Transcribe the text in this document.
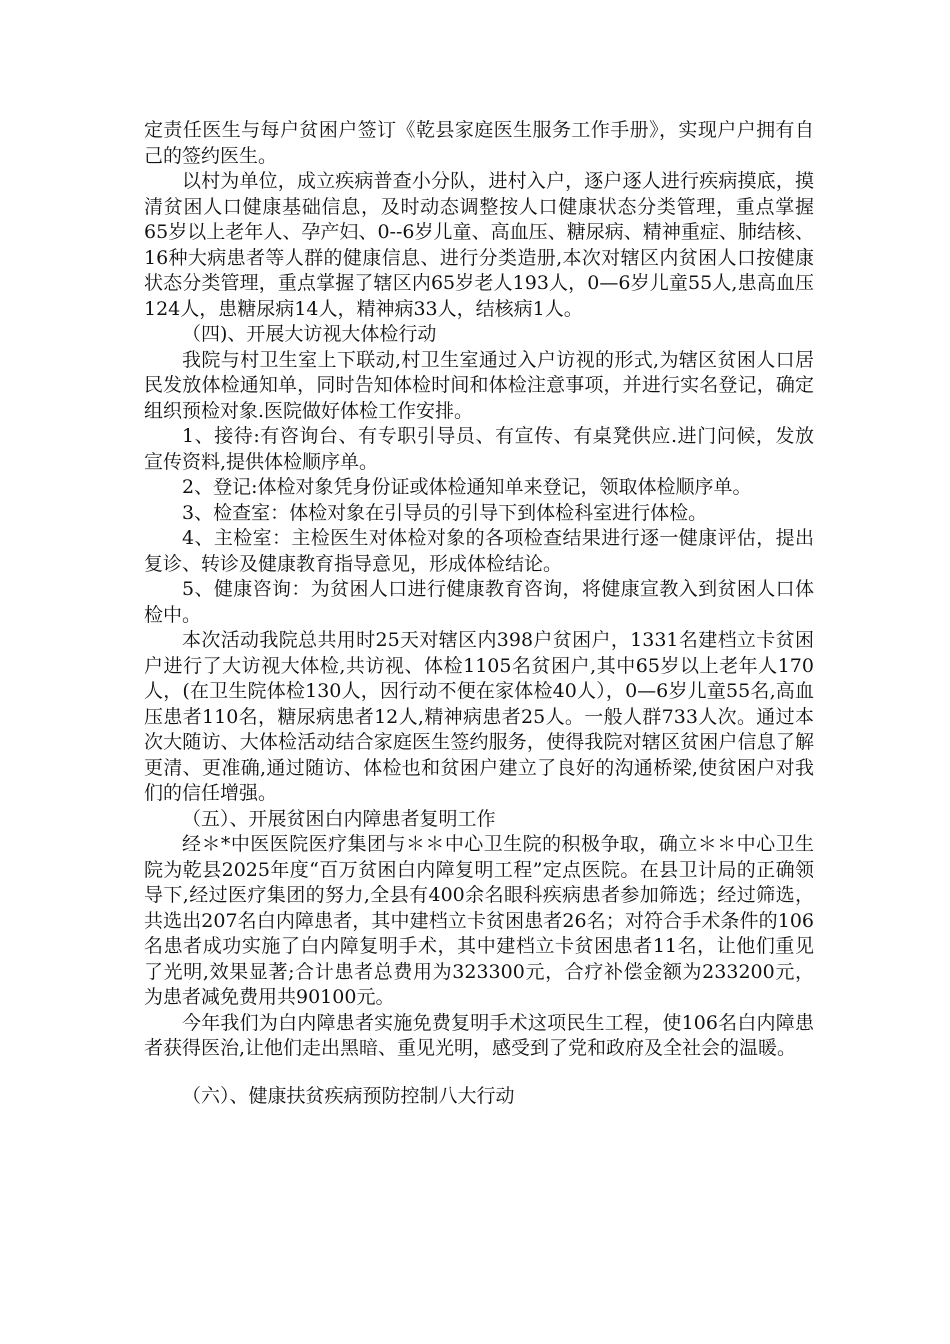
定责任医生与每户贫困户签订《乾县家庭医生服务工作手册》，实现户户拥有自己的签约医生。

以村为单位，成立疾病普查小分队，进村入户，逐户逐人进行疾病摸底，摸清贫困人口健康基础信息，及时动态调整按人口健康状态分类管理，重点掌握65岁以上老年人、孕产妇、0--6岁儿童、高血压、糖尿病、精神重症、肺结核、16种大病患者等人群的健康信息、进行分类造册,本次对辖区内贫困人口按健康状态分类管理，重点掌握了辖区内65岁老人193人，0—6岁儿童55人,患高血压124人，患糖尿病14人，精神病33人，结核病1人。

（四)、开展大访视大体检行动

我院与村卫生室上下联动,村卫生室通过入户访视的形式,为辖区贫困人口居民发放体检通知单，同时告知体检时间和体检注意事项，并进行实名登记，确定组织预检对象.医院做好体检工作安排。

1、接待:有咨询台、有专职引导员、有宣传、有桌凳供应.进门问候，发放宣传资料,提供体检顺序单。

2、登记:体检对象凭身份证或体检通知单来登记，领取体检顺序单。

3、检查室：体检对象在引导员的引导下到体检科室进行体检。

4、主检室：主检医生对体检对象的各项检查结果进行逐一健康评估，提出复诊、转诊及健康教育指导意见，形成体检结论。

5、健康咨询：为贫困人口进行健康教育咨询，将健康宣教入到贫困人口体检中。

本次活动我院总共用时25天对辖区内398户贫困户，1331名建档立卡贫困户进行了大访视大体检,共访视、体检1105名贫困户,其中65岁以上老年人170人，(在卫生院体检130人，因行动不便在家体检40人），0—6岁儿童55名,高血压患者110名，糖尿病患者12人,精神病患者25人。一般人群733人次。通过本次大随访、大体检活动结合家庭医生签约服务，使得我院对辖区贫困户信息了解更清、更准确,通过随访、体检也和贫困户建立了良好的沟通桥梁,使贫困户对我们的信任增强。

（五）、开展贫困白内障患者复明工作

经＊*中医医院医疗集团与＊＊中心卫生院的积极争取，确立＊＊中心卫生院为乾县2025年度“百万贫困白内障复明工程”定点医院。在县卫计局的正确领导下,经过医疗集团的努力,全县有400余名眼科疾病患者参加筛选；经过筛选，共选出207名白内障患者，其中建档立卡贫困患者26名；对符合手术条件的106名患者成功实施了白内障复明手术，其中建档立卡贫困患者11名，让他们重见了光明,效果显著;合计患者总费用为323300元，合疗补偿金额为233200元，为患者减免费用共90100元。

今年我们为白内障患者实施免费复明手术这项民生工程，使106名白内障患者获得医治,让他们走出黑暗、重见光明，感受到了党和政府及全社会的温暖。

（六）、健康扶贫疾病预防控制八大行动
